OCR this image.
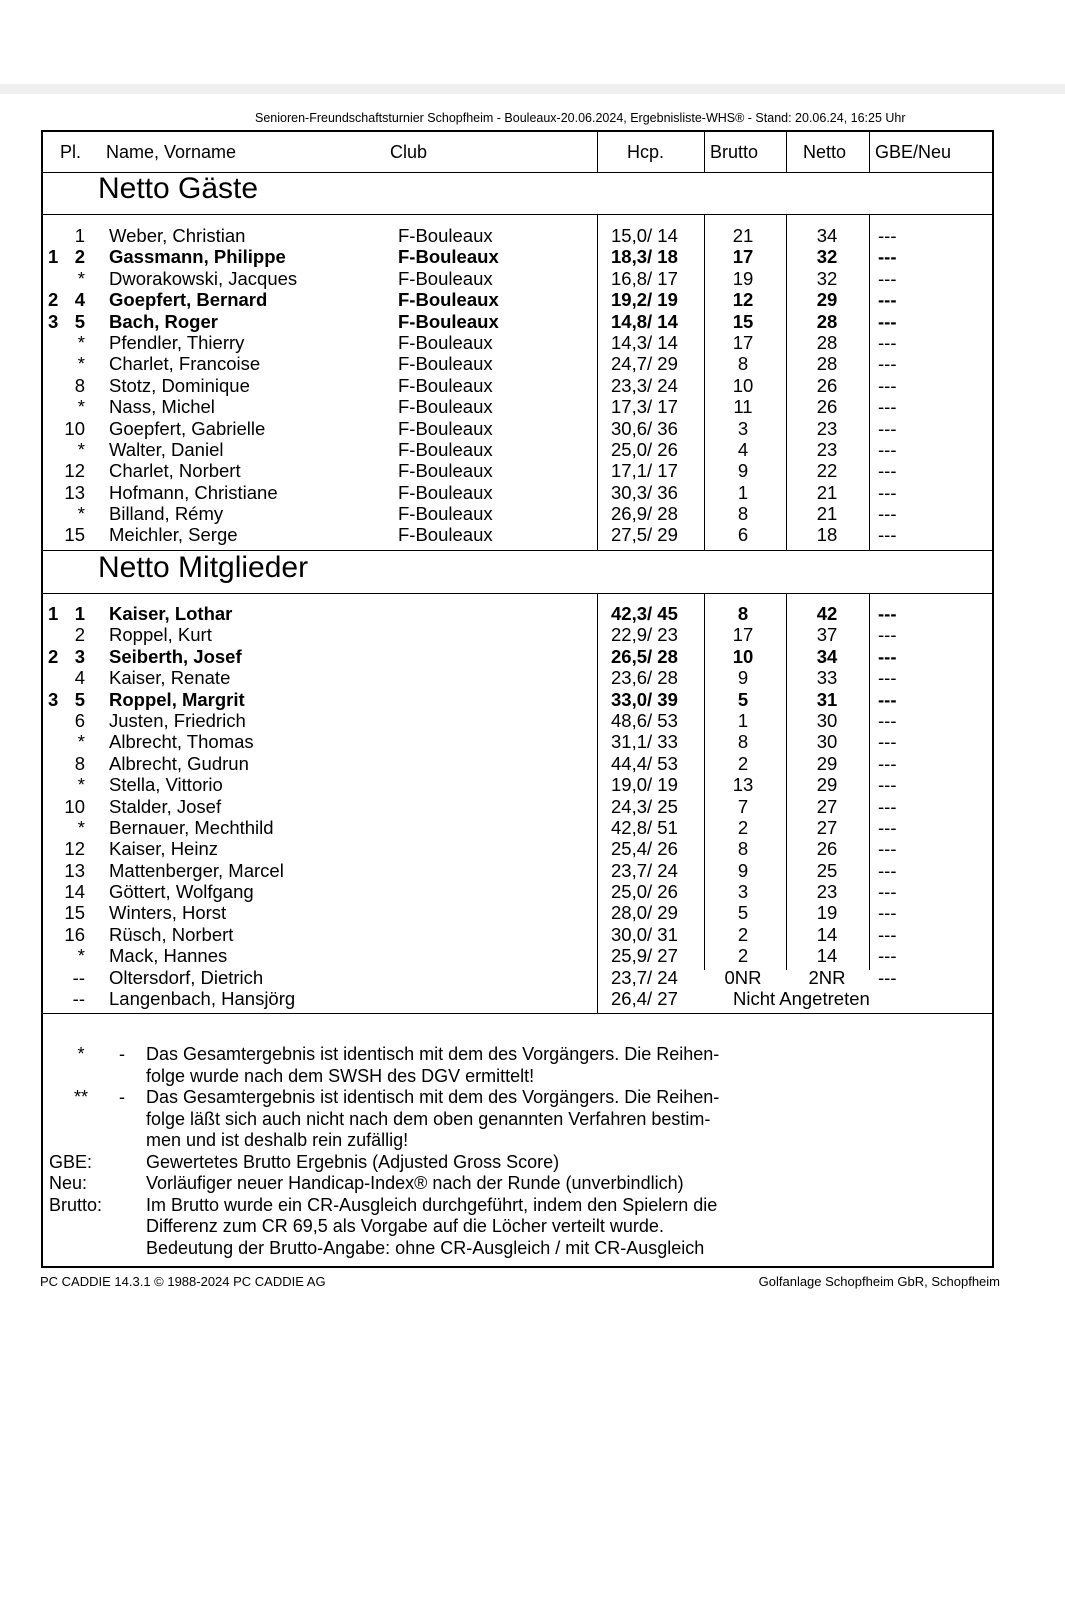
Senioren-Freundschaftsturnier Schopfheim - Bouleaux-20.06.2024, Ergebnisliste-WHS® - Stand: 20.06.24, 16:25 Uhr
Pl. Name, Vorname	Club	Hcp.	Brutto Netto GBE/Neu
Netto Gäste
1 Weber, Christian	F-Bouleaux	15,0/ 14	21	34	---
1 2 Gassmann, Philippe	F-Bouleaux	18,3/ 18	17	32	---
* Dworakowski, Jacques	F-Bouleaux	16,8/ 17	19	32	---
2 4 Goepfert, Bernard	F-Bouleaux	19,2/ 19	12	29	---
3 5 Bach, Roger	F-Bouleaux	14,8/ 14	15	28	---
* Pfendler, Thierry	F-Bouleaux	14,3/ 14	17	28	---
* Charlet, Francoise	F-Bouleaux	24,7/ 29	8	28	---
8 Stotz, Dominique	F-Bouleaux	23,3/ 24	10	26	---
* Nass, Michel	F-Bouleaux	17,3/ 17	11	26	---
10 Goepfert, Gabrielle	F-Bouleaux	30,6/ 36	3	23	---
* Walter, Daniel	F-Bouleaux	25,0/ 26	4	23	---
12 Charlet, Norbert	F-Bouleaux	17,1/ 17	9	22	---
13 Hofmann, Christiane	F-Bouleaux	30,3/ 36	1	21	---
* Billand, Rémy	F-Bouleaux	26,9/ 28	8	21	---
15 Meichler, Serge	F-Bouleaux	27,5/ 29	6	18	---
Netto Mitglieder
1 1 Kaiser, Lothar	42,3/ 45	8	42	---
2 Roppel, Kurt	22,9/ 23	17	37	---
2 3 Seiberth, Josef	26,5/ 28	10	34	---
4 Kaiser, Renate	23,6/ 28	9	33	---
3 5 Roppel, Margrit	33,0/ 39	5	31	---
6 Justen, Friedrich	48,6/ 53	1	30	---
* Albrecht, Thomas	31,1/ 33	8	30	---
8 Albrecht, Gudrun	44,4/ 53	2	29	---
* Stella, Vittorio	19,0/ 19	13	29	---
10 Stalder, Josef	24,3/ 25	7	27	---
* Bernauer, Mechthild	42,8/ 51	2	27	---
12 Kaiser, Heinz	25,4/ 26	8	26	---
13 Mattenberger, Marcel	23,7/ 24	9	25	---
14 Göttert, Wolfgang	25,0/ 26	3	23	---
15 Winters, Horst	28,0/ 29	5	19	---
16 Rüsch, Norbert	30,0/ 31	2	14	---
* Mack, Hannes	25,9/ 27	2	14	---
-- Oltersdorf, Dietrich	23,7/ 24	0NR	2NR	---
-- Langenbach, Hansjörg	26,4/ 27	Nicht Angetreten
*	- Das Gesamtergebnis ist identisch mit dem des Vorgängers. Die Reihen-
folge wurde nach dem SWSH des DGV ermittelt!
** - Das Gesamtergebnis ist identisch mit dem des Vorgängers. Die Reihen-
folge läßt sich auch nicht nach dem oben genannten Verfahren bestim-
men und ist deshalb rein zufällig!
GBE:	Gewertetes Brutto Ergebnis (Adjusted Gross Score)
Neu:	Vorläufiger neuer Handicap-Index® nach der Runde (unverbindlich)
Brutto: Im Brutto wurde ein CR-Ausgleich durchgeführt, indem den Spielern die
Differenz zum CR 69,5 als Vorgabe auf die Löcher verteilt wurde.
Bedeutung der Brutto-Angabe: ohne CR-Ausgleich / mit CR-Ausgleich
PC CADDIE 14.3.1 © 1988-2024 PC CADDIE AG	Golfanlage Schopfheim GbR, Schopfheim
